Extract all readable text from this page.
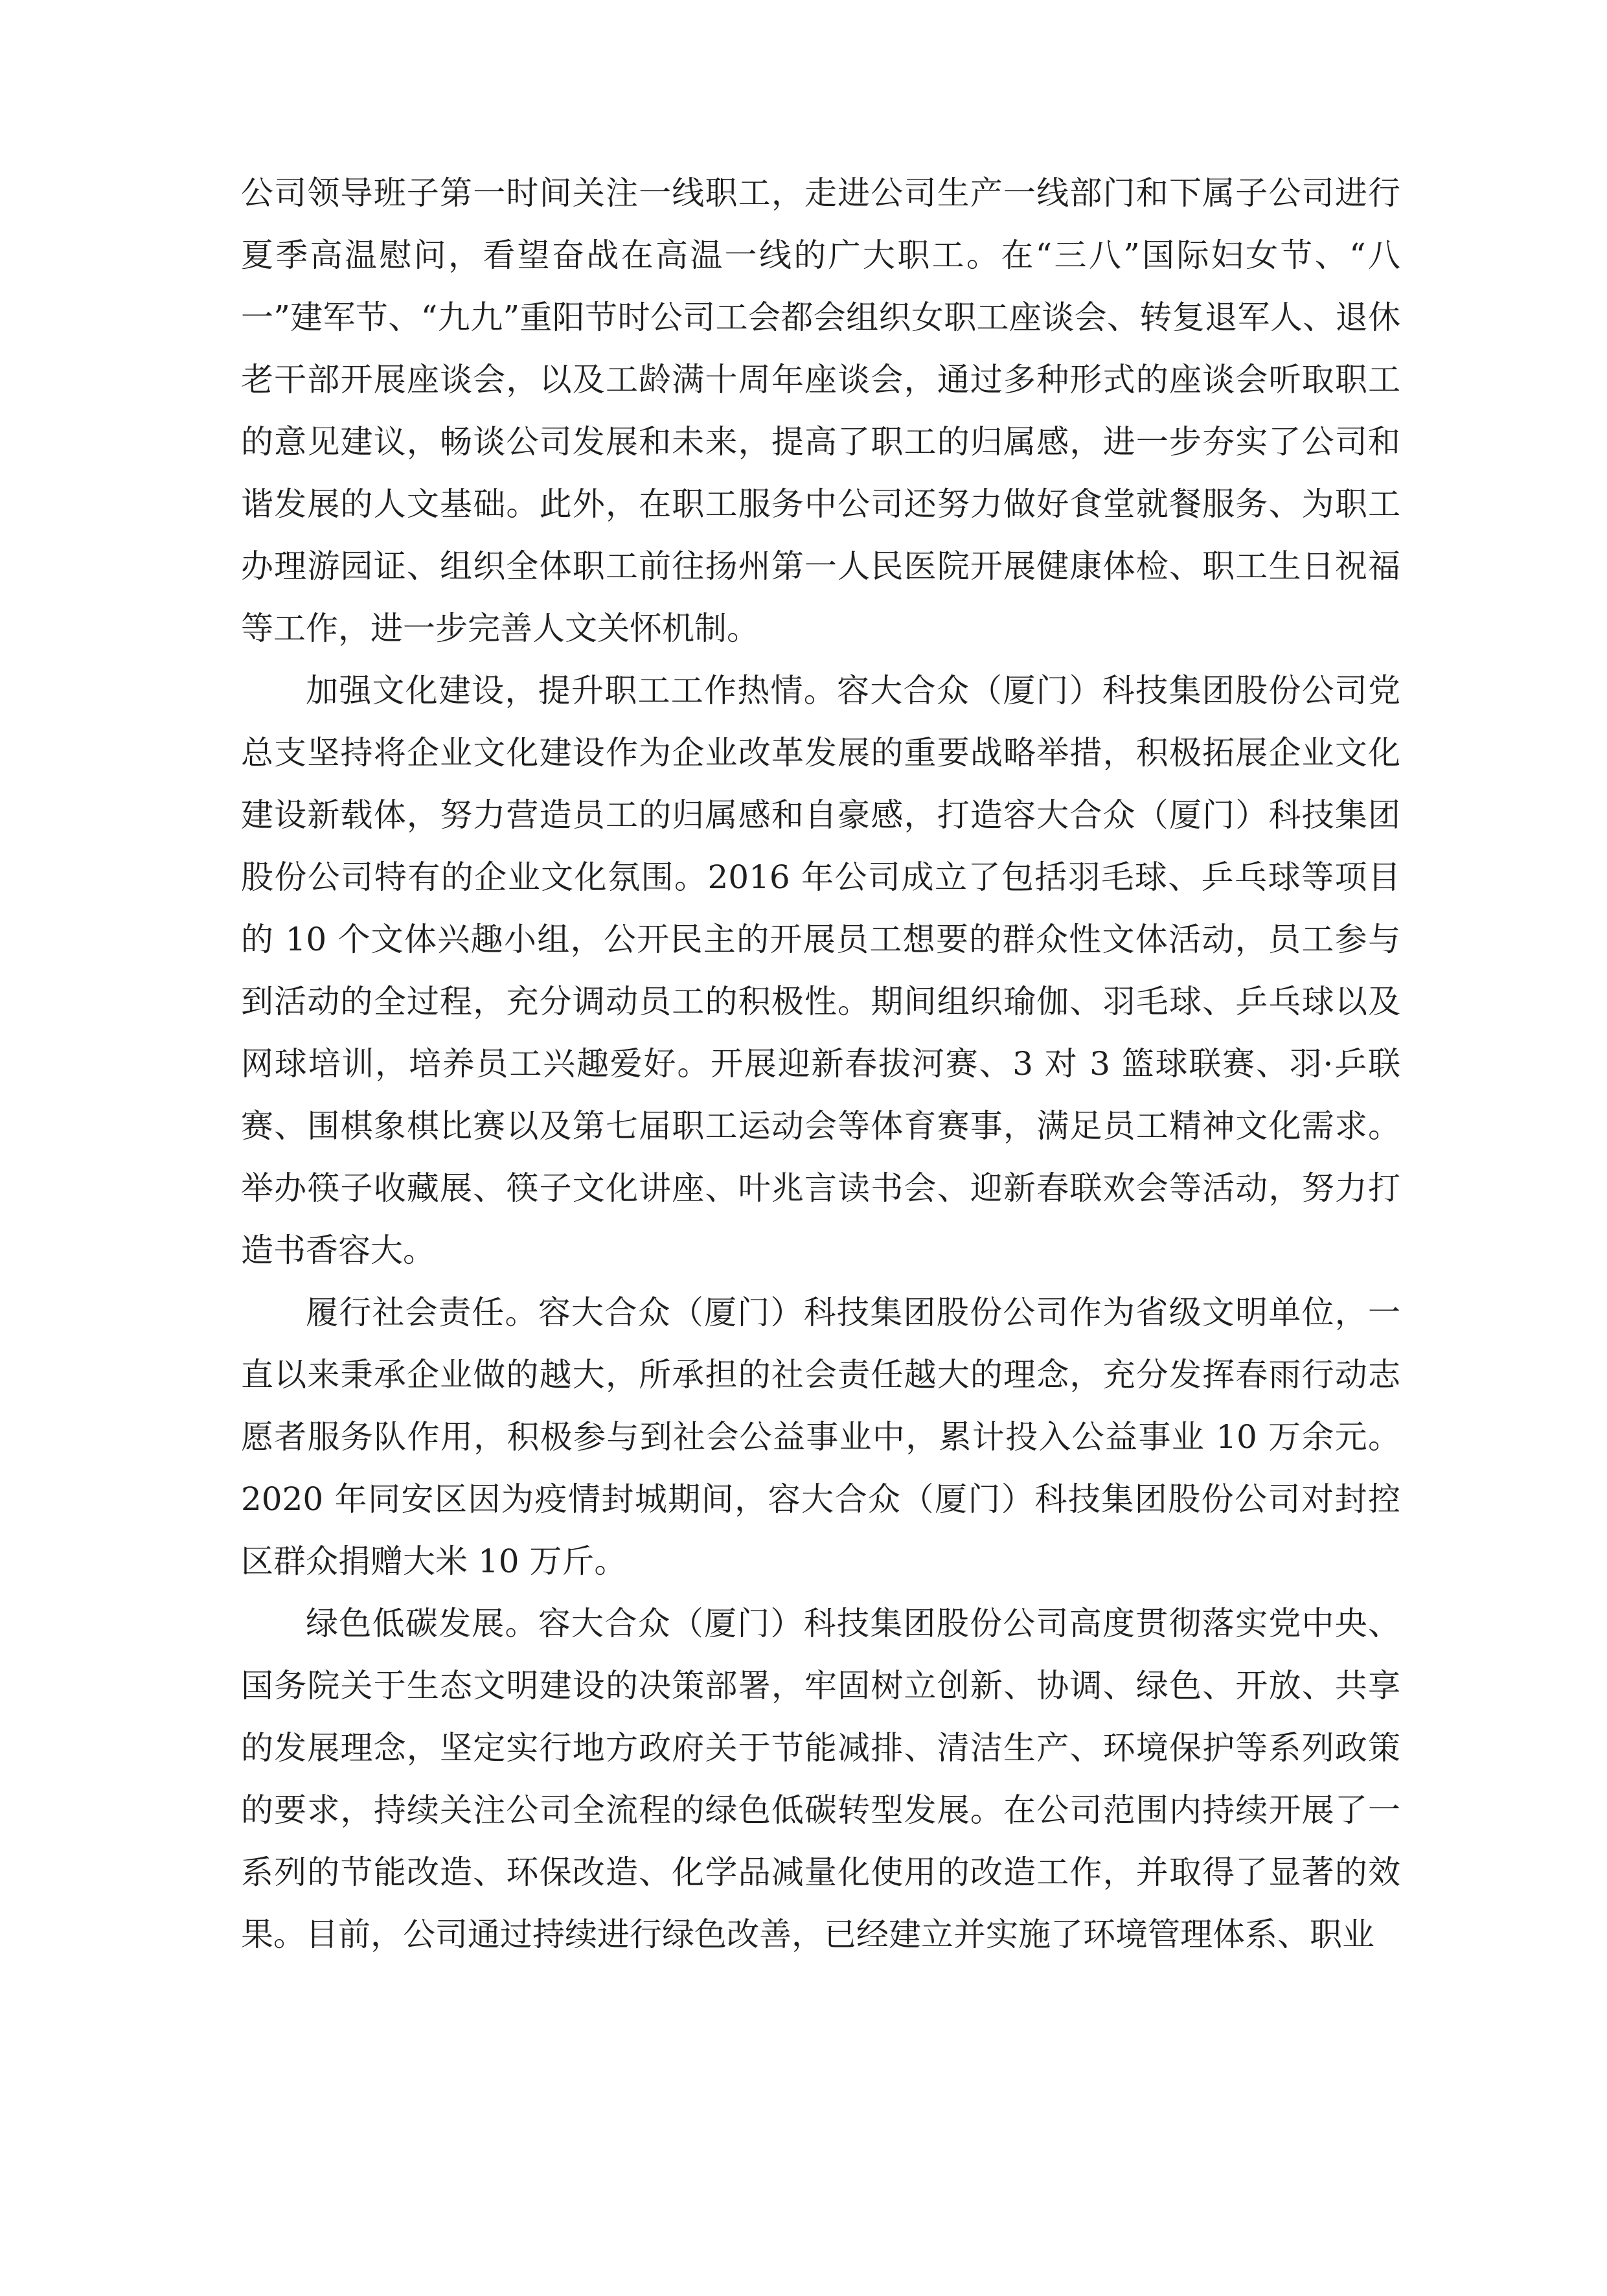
公司领导班子第一时间关注一线职工，走进公司生产一线部门和下属子公司进行夏季高温慰问，看望奋战在高温一线的广大职工。在“三八”国际妇女节、“八一”建军节、“九九”重阳节时公司工会都会组织女职工座谈会、转复退军人、退休老干部开展座谈会，以及工龄满十周年座谈会，通过多种形式的座谈会听取职工的意见建议，畅谈公司发展和未来，提高了职工的归属感，进一步夯实了公司和谐发展的人文基础。此外，在职工服务中公司还努力做好食堂就餐服务、为职工办理游园证、组织全体职工前往扬州第一人民医院开展健康体检、职工生日祝福等工作，进一步完善人文关怀机制。

加强文化建设，提升职工工作热情。容大合众（厦门）科技集团股份公司党总支坚持将企业文化建设作为企业改革发展的重要战略举措，积极拓展企业文化建设新载体，努力营造员工的归属感和自豪感，打造容大合众（厦门）科技集团股份公司特有的企业文化氛围。2016 年公司成立了包括羽毛球、乒乓球等项目的 10 个文体兴趣小组，公开民主的开展员工想要的群众性文体活动，员工参与到活动的全过程，充分调动员工的积极性。期间组织瑜伽、羽毛球、乒乓球以及网球培训，培养员工兴趣爱好。开展迎新春拔河赛、3 对 3 篮球联赛、羽·乒联赛、围棋象棋比赛以及第七届职工运动会等体育赛事，满足员工精神文化需求。举办筷子收藏展、筷子文化讲座、叶兆言读书会、迎新春联欢会等活动，努力打造书香容大。

履行社会责任。容大合众（厦门）科技集团股份公司作为省级文明单位，一直以来秉承企业做的越大，所承担的社会责任越大的理念，充分发挥春雨行动志愿者服务队作用，积极参与到社会公益事业中，累计投入公益事业 10 万余元。2020 年同安区因为疫情封城期间，容大合众（厦门）科技集团股份公司对封控区群众捐赠大米 10 万斤。

绿色低碳发展。容大合众（厦门）科技集团股份公司高度贯彻落实党中央、国务院关于生态文明建设的决策部署，牢固树立创新、协调、绿色、开放、共享的发展理念，坚定实行地方政府关于节能减排、清洁生产、环境保护等系列政策的要求，持续关注公司全流程的绿色低碳转型发展。在公司范围内持续开展了一系列的节能改造、环保改造、化学品减量化使用的改造工作，并取得了显著的效果。目前，公司通过持续进行绿色改善，已经建立并实施了环境管理体系、职业
